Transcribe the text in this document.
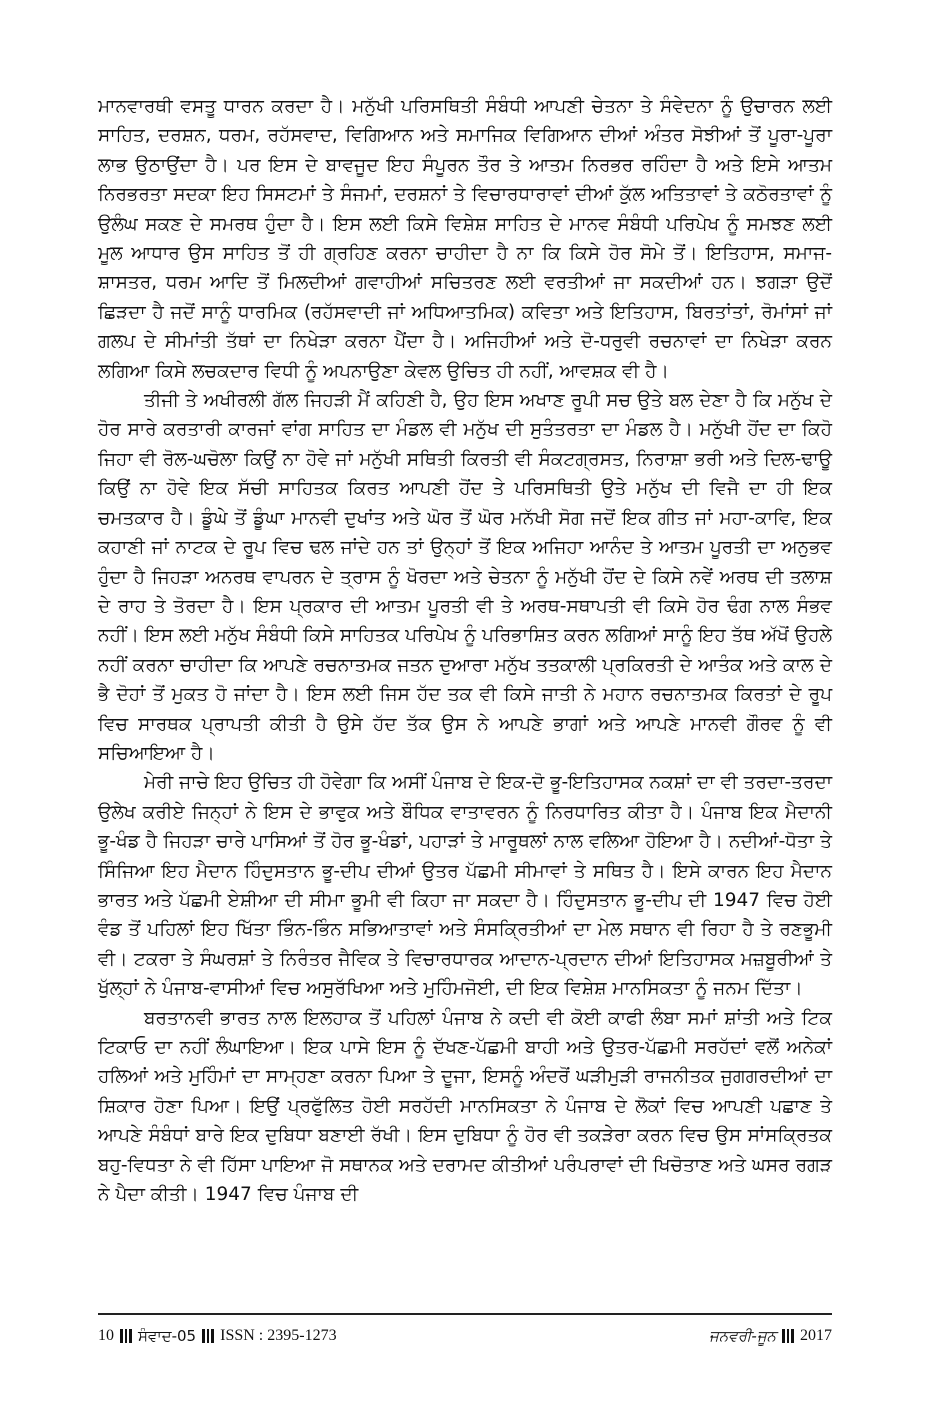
ਮਾਨਵਾਰਥੀ ਵਸਤੂ ਧਾਰਨ ਕਰਦਾ ਹੈ। ਮਨੁੱਖੀ ਪਰਿਸਥਿਤੀ ਸੰਬੰਧੀ ਆਪਣੀ ਚੇਤਨਾ ਤੇ ਸੰਵੇਦਨਾ ਨੂੰ ਉਚਾਰਨ ਲਈ ਸਾਹਿਤ, ਦਰਸ਼ਨ, ਧਰਮ, ਰਹੱਸਵਾਦ, ਵਿਗਿਆਨ ਅਤੇ ਸਮਾਜਿਕ ਵਿਗਿਆਨ ਦੀਆਂ ਅੰਤਰ ਸੋਝੀਆਂ ਤੋਂ ਪੂਰਾ-ਪੂਰਾ ਲਾਭ ਉਠਾਉਂਦਾ ਹੈ। ਪਰ ਇਸ ਦੇ ਬਾਵਜੂਦ ਇਹ ਸੰਪੂਰਨ ਤੌਰ ਤੇ ਆਤਮ ਨਿਰਭਰ ਰਹਿੰਦਾ ਹੈ ਅਤੇ ਇਸੇ ਆਤਮ ਨਿਰਭਰਤਾ ਸਦਕਾ ਇਹ ਸਿਸਟਮਾਂ ਤੇ ਸੰਜਮਾਂ, ਦਰਸ਼ਨਾਂ ਤੇ ਵਿਚਾਰਧਾਰਾਵਾਂ ਦੀਆਂ ਕੁੱਲ ਅਤਿਤਾਵਾਂ ਤੇ ਕਠੋਰਤਾਵਾਂ ਨੂੰ ਉਲੰਘ ਸਕਣ ਦੇ ਸਮਰਥ ਹੁੰਦਾ ਹੈ। ਇਸ ਲਈ ਕਿਸੇ ਵਿਸ਼ੇਸ਼ ਸਾਹਿਤ ਦੇ ਮਾਨਵ ਸੰਬੰਧੀ ਪਰਿਪੇਖ ਨੂੰ ਸਮਝਣ ਲਈ ਮੂਲ ਆਧਾਰ ਉਸ ਸਾਹਿਤ ਤੋਂ ਹੀ ਗ੍ਰਹਿਣ ਕਰਨਾ ਚਾਹੀਦਾ ਹੈ ਨਾ ਕਿ ਕਿਸੇ ਹੋਰ ਸੋਮੇ ਤੋਂ। ਇਤਿਹਾਸ, ਸਮਾਜ-ਸ਼ਾਸਤਰ, ਧਰਮ ਆਦਿ ਤੋਂ ਮਿਲਦੀਆਂ ਗਵਾਹੀਆਂ ਸਚਿਤਰਣ ਲਈ ਵਰਤੀਆਂ ਜਾ ਸਕਦੀਆਂ ਹਨ। ਝਗੜਾ ਉਦੋਂ ਛਿੜਦਾ ਹੈ ਜਦੋਂ ਸਾਨੂੰ ਧਾਰਮਿਕ (ਰਹੱਸਵਾਦੀ ਜਾਂ ਅਧਿਆਤਮਿਕ) ਕਵਿਤਾ ਅਤੇ ਇਤਿਹਾਸ, ਬਿਰਤਾਂਤਾਂ, ਰੋਮਾਂਸਾਂ ਜਾਂ ਗਲਪ ਦੇ ਸੀਮਾਂਤੀ ਤੱਥਾਂ ਦਾ ਨਿਖੇੜਾ ਕਰਨਾ ਪੈਂਦਾ ਹੈ। ਅਜਿਹੀਆਂ ਅਤੇ ਦੋ-ਧਰੁਵੀ ਰਚਨਾਵਾਂ ਦਾ ਨਿਖੇੜਾ ਕਰਨ ਲਗਿਆ ਕਿਸੇ ਲਚਕਦਾਰ ਵਿਧੀ ਨੂੰ ਅਪਨਾਉਣਾ ਕੇਵਲ ਉਚਿਤ ਹੀ ਨਹੀਂ, ਆਵਸ਼ਕ ਵੀ ਹੈ।

ਤੀਜੀ ਤੇ ਅਖੀਰਲੀ ਗੱਲ ਜਿਹੜੀ ਮੈਂ ਕਹਿਣੀ ਹੈ, ਉਹ ਇਸ ਅਖਾਣ ਰੂਪੀ ਸਚ ਉਤੇ ਬਲ ਦੇਣਾ ਹੈ ਕਿ ਮਨੁੱਖ ਦੇ ਹੋਰ ਸਾਰੇ ਕਰਤਾਰੀ ਕਾਰਜਾਂ ਵਾਂਗ ਸਾਹਿਤ ਦਾ ਮੰਡਲ ਵੀ ਮਨੁੱਖ ਦੀ ਸੁਤੰਤਰਤਾ ਦਾ ਮੰਡਲ ਹੈ। ਮਨੁੱਖੀ ਹੋਂਦ ਦਾ ਕਿਹੋ ਜਿਹਾ ਵੀ ਰੋਲ-ਘਚੋਲਾ ਕਿਉਂ ਨਾ ਹੋਵੇ ਜਾਂ ਮਨੁੱਖੀ ਸਥਿਤੀ ਕਿਰਤੀ ਵੀ ਸੰਕਟਗ੍ਰਸਤ, ਨਿਰਾਸ਼ਾ ਭਰੀ ਅਤੇ ਦਿਲ-ਢਾਊ ਕਿਉਂ ਨਾ ਹੋਵੇ ਇਕ ਸੱਚੀ ਸਾਹਿਤਕ ਕਿਰਤ ਆਪਣੀ ਹੋਂਦ ਤੇ ਪਰਿਸਥਿਤੀ ਉਤੇ ਮਨੁੱਖ ਦੀ ਵਿਜੈ ਦਾ ਹੀ ਇਕ ਚਮਤਕਾਰ ਹੈ। ਡੂੰਘੇ ਤੋਂ ਡੂੰਘਾ ਮਾਨਵੀ ਦੁਖਾਂਤ ਅਤੇ ਘੋਰ ਤੋਂ ਘੋਰ ਮਨੱਖੀ ਸੋਗ ਜਦੋਂ ਇਕ ਗੀਤ ਜਾਂ ਮਹਾ-ਕਾਵਿ, ਇਕ ਕਹਾਣੀ ਜਾਂ ਨਾਟਕ ਦੇ ਰੂਪ ਵਿਚ ਢਲ ਜਾਂਦੇ ਹਨ ਤਾਂ ਉਨ੍ਹਾਂ ਤੋਂ ਇਕ ਅਜਿਹਾ ਆਨੰਦ ਤੇ ਆਤਮ ਪੂਰਤੀ ਦਾ ਅਨੁਭਵ ਹੁੰਦਾ ਹੈ ਜਿਹੜਾ ਅਨਰਥ ਵਾਪਰਨ ਦੇ ਤ੍ਰਾਸ ਨੂੰ ਖੋਰਦਾ ਅਤੇ ਚੇਤਨਾ ਨੂੰ ਮਨੁੱਖੀ ਹੋਂਦ ਦੇ ਕਿਸੇ ਨਵੇਂ ਅਰਥ ਦੀ ਤਲਾਸ਼ ਦੇ ਰਾਹ ਤੇ ਤੋਰਦਾ ਹੈ। ਇਸ ਪ੍ਰਕਾਰ ਦੀ ਆਤਮ ਪੂਰਤੀ ਵੀ ਤੇ ਅਰਥ-ਸਥਾਪਤੀ ਵੀ ਕਿਸੇ ਹੋਰ ਢੰਗ ਨਾਲ ਸੰਭਵ ਨਹੀਂ। ਇਸ ਲਈ ਮਨੁੱਖ ਸੰਬੰਧੀ ਕਿਸੇ ਸਾਹਿਤਕ ਪਰਿਪੇਖ ਨੂੰ ਪਰਿਭਾਸ਼ਿਤ ਕਰਨ ਲਗਿਆਂ ਸਾਨੂੰ ਇਹ ਤੱਥ ਅੱਖੋਂ ਉਹਲੇ ਨਹੀਂ ਕਰਨਾ ਚਾਹੀਦਾ ਕਿ ਆਪਣੇ ਰਚਨਾਤਮਕ ਜਤਨ ਦੁਆਰਾ ਮਨੁੱਖ ਤਤਕਾਲੀ ਪ੍ਰਕਿਰਤੀ ਦੇ ਆਤੰਕ ਅਤੇ ਕਾਲ ਦੇ ਭੈ ਦੋਹਾਂ ਤੋਂ ਮੁਕਤ ਹੋ ਜਾਂਦਾ ਹੈ। ਇਸ ਲਈ ਜਿਸ ਹੱਦ ਤਕ ਵੀ ਕਿਸੇ ਜਾਤੀ ਨੇ ਮਹਾਨ ਰਚਨਾਤਮਕ ਕਿਰਤਾਂ ਦੇ ਰੂਪ ਵਿਚ ਸਾਰਥਕ ਪ੍ਰਾਪਤੀ ਕੀਤੀ ਹੈ ਉਸੇ ਹੱਦ ਤੱਕ ਉਸ ਨੇ ਆਪਣੇ ਭਾਗਾਂ ਅਤੇ ਆਪਣੇ ਮਾਨਵੀ ਗੌਰਵ ਨੂੰ ਵੀ ਸਚਿਆਇਆ ਹੈ।

ਮੇਰੀ ਜਾਚੇ ਇਹ ਉਚਿਤ ਹੀ ਹੋਵੇਗਾ ਕਿ ਅਸੀਂ ਪੰਜਾਬ ਦੇ ਇਕ-ਦੋ ਭੂ-ਇਤਿਹਾਸਕ ਨਕਸ਼ਾਂ ਦਾ ਵੀ ਤਰਦਾ-ਤਰਦਾ ਉਲੇਖ ਕਰੀਏ ਜਿਨ੍ਹਾਂ ਨੇ ਇਸ ਦੇ ਭਾਵੁਕ ਅਤੇ ਬੌਧਿਕ ਵਾਤਾਵਰਨ ਨੂੰ ਨਿਰਧਾਰਿਤ ਕੀਤਾ ਹੈ। ਪੰਜਾਬ ਇਕ ਮੈਦਾਨੀ ਭੂ-ਖੰਡ ਹੈ ਜਿਹੜਾ ਚਾਰੇ ਪਾਸਿਆਂ ਤੋਂ ਹੋਰ ਭੂ-ਖੰਡਾਂ, ਪਹਾੜਾਂ ਤੇ ਮਾਰੂਥਲਾਂ ਨਾਲ ਵਲਿਆ ਹੋਇਆ ਹੈ। ਨਦੀਆਂ-ਧੋਤਾ ਤੇ ਸਿੰਜਿਆ ਇਹ ਮੈਦਾਨ ਹਿੰਦੁਸਤਾਨ ਭੂ-ਦੀਪ ਦੀਆਂ ਉਤਰ ਪੱਛਮੀ ਸੀਮਾਵਾਂ ਤੇ ਸਥਿਤ ਹੈ। ਇਸੇ ਕਾਰਨ ਇਹ ਮੈਦਾਨ ਭਾਰਤ ਅਤੇ ਪੱਛਮੀ ਏਸ਼ੀਆ ਦੀ ਸੀਮਾ ਭੂਮੀ ਵੀ ਕਿਹਾ ਜਾ ਸਕਦਾ ਹੈ। ਹਿੰਦੁਸਤਾਨ ਭੂ-ਦੀਪ ਦੀ 1947 ਵਿਚ ਹੋਈ ਵੰਡ ਤੋਂ ਪਹਿਲਾਂ ਇਹ ਖਿੱਤਾ ਭਿੰਨ-ਭਿੰਨ ਸਭਿਆਤਾਵਾਂ ਅਤੇ ਸੰਸਕ੍ਰਿਤੀਆਂ ਦਾ ਮੇਲ ਸਥਾਨ ਵੀ ਰਿਹਾ ਹੈ ਤੇ ਰਣਭੂਮੀ ਵੀ। ਟਕਰਾ ਤੇ ਸੰਘਰਸ਼ਾਂ ਤੇ ਨਿਰੰਤਰ ਜੈਵਿਕ ਤੇ ਵਿਚਾਰਧਾਰਕ ਆਦਾਨ-ਪ੍ਰਦਾਨ ਦੀਆਂ ਇਤਿਹਾਸਕ ਮਜ਼ਬੂਰੀਆਂ ਤੇ ਖੁੱਲ੍ਹਾਂ ਨੇ ਪੰਜਾਬ-ਵਾਸੀਆਂ ਵਿਚ ਅਸੁਰੱਖਿਆ ਅਤੇ ਮੁਹਿੰਮਜੋਈ, ਦੀ ਇਕ ਵਿਸ਼ੇਸ਼ ਮਾਨਸਿਕਤਾ ਨੂੰ ਜਨਮ ਦਿੱਤਾ।

ਬਰਤਾਨਵੀ ਭਾਰਤ ਨਾਲ ਇਲਹਾਕ ਤੋਂ ਪਹਿਲਾਂ ਪੰਜਾਬ ਨੇ ਕਦੀ ਵੀ ਕੋਈ ਕਾਫੀ ਲੰਬਾ ਸਮਾਂ ਸ਼ਾਂਤੀ ਅਤੇ ਟਿਕ ਟਿਕਾਓ ਦਾ ਨਹੀਂ ਲੰਘਾਇਆ। ਇਕ ਪਾਸੇ ਇਸ ਨੂੰ ਦੱਖਣ-ਪੱਛਮੀ ਬਾਹੀ ਅਤੇ ਉਤਰ-ਪੱਛਮੀ ਸਰਹੱਦਾਂ ਵਲੋਂ ਅਨੇਕਾਂ ਹਲਿਆਂ ਅਤੇ ਮੁਹਿੰਮਾਂ ਦਾ ਸਾਮ੍ਹਣਾ ਕਰਨਾ ਪਿਆ ਤੇ ਦੂਜਾ, ਇਸਨੂੰ ਅੰਦਰੋਂ ਘੜੀਮੁੜੀ ਰਾਜਨੀਤਕ ਜੁਗਗਰਦੀਆਂ ਦਾ ਸ਼ਿਕਾਰ ਹੋਣਾ ਪਿਆ। ਇਉਂ ਪ੍ਰਫੁੱਲਿਤ ਹੋਈ ਸਰਹੱਦੀ ਮਾਨਸਿਕਤਾ ਨੇ ਪੰਜਾਬ ਦੇ ਲੋਕਾਂ ਵਿਚ ਆਪਣੀ ਪਛਾਣ ਤੇ ਆਪਣੇ ਸੰਬੰਧਾਂ ਬਾਰੇ ਇਕ ਦੁਬਿਧਾ ਬਣਾਈ ਰੱਖੀ। ਇਸ ਦੁਬਿਧਾ ਨੂੰ ਹੋਰ ਵੀ ਤਕੜੇਰਾ ਕਰਨ ਵਿਚ ਉਸ ਸਾਂਸਕ੍ਰਿਤਕ ਬਹੁ-ਵਿਧਤਾ ਨੇ ਵੀ ਹਿੱਸਾ ਪਾਇਆ ਜੋ ਸਥਾਨਕ ਅਤੇ ਦਰਾਮਦ ਕੀਤੀਆਂ ਪਰੰਪਰਾਵਾਂ ਦੀ ਖਿਚੋਤਾਣ ਅਤੇ ਘਸਰ ਰਗੜ ਨੇ ਪੈਦਾ ਕੀਤੀ। 1947 ਵਿਚ ਪੰਜਾਬ ਦੀ

10 ਸੰਵਾਦ-05 ISSN : 2395-1273	ਜਨਵਰੀ-ਜੂਨ 2017
